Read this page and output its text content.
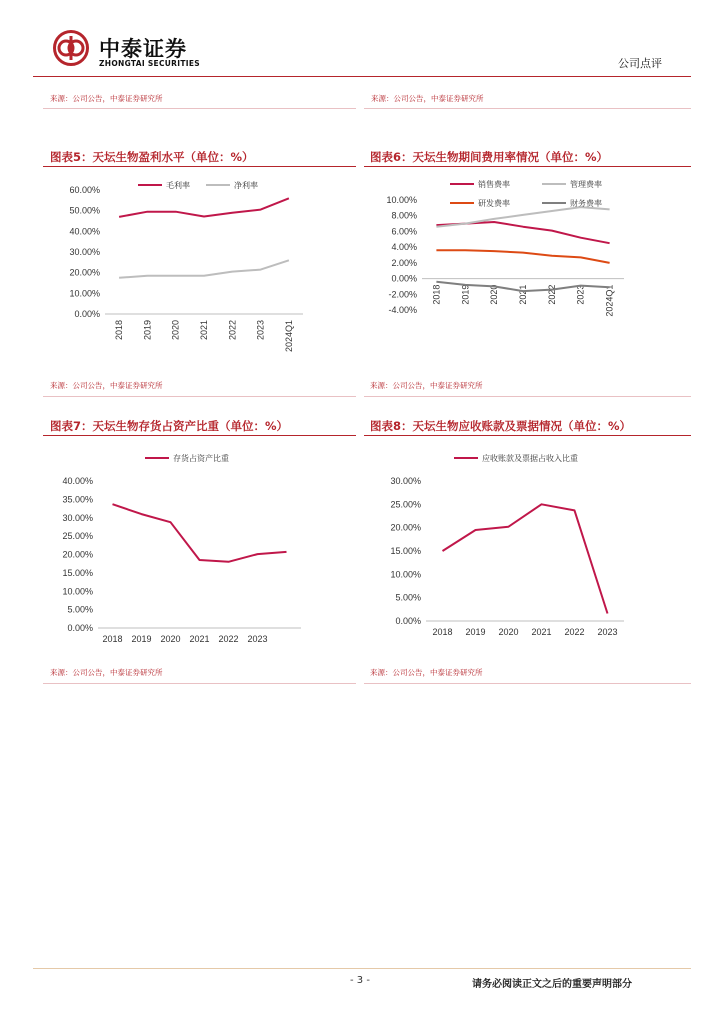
中泰证券
ZHONGTAI SECURITIES	公司点评
来源：公司公告，中泰证券研究所	来源：公司公告，中泰证券研究所
图表5：天坛生物盈利水平（单位：%）
0.00%
10.00%
20.00%
30.00%
40.00%
50.00%
60.00%
2018 2019 2020 2021 2022 2023 2024Q1
毛利率	净利率
来源：公司公告，中泰证券研究所
图表6：天坛生物期间费用率情况（单位：%）
-4.00%
-2.00%
0.00%
2.00%
4.00%
6.00%
8.00%
10.00%
2018 2019 2020 2021 2022 2023 2024Q1
销售费率	管理费率
研发费率	财务费率
来源：公司公告，中泰证券研究所
图表7：天坛生物存货占资产比重（单位：%）
0.00%
5.00%
10.00%
15.00%
20.00%
25.00%
30.00%
35.00%
40.00%
2018 2019 2020 2021 2022 2023
存货占资产比重
来源：公司公告，中泰证券研究所
图表8：天坛生物应收账款及票据情况（单位：%）
0.00%
5.00%
10.00%
15.00%
20.00%
25.00%
30.00%
2018 2019 2020 2021 2022 2023
应收账款及票据占收入比重
来源：公司公告，中泰证券研究所
- 3 -	请务必阅读正文之后的重要声明部分
